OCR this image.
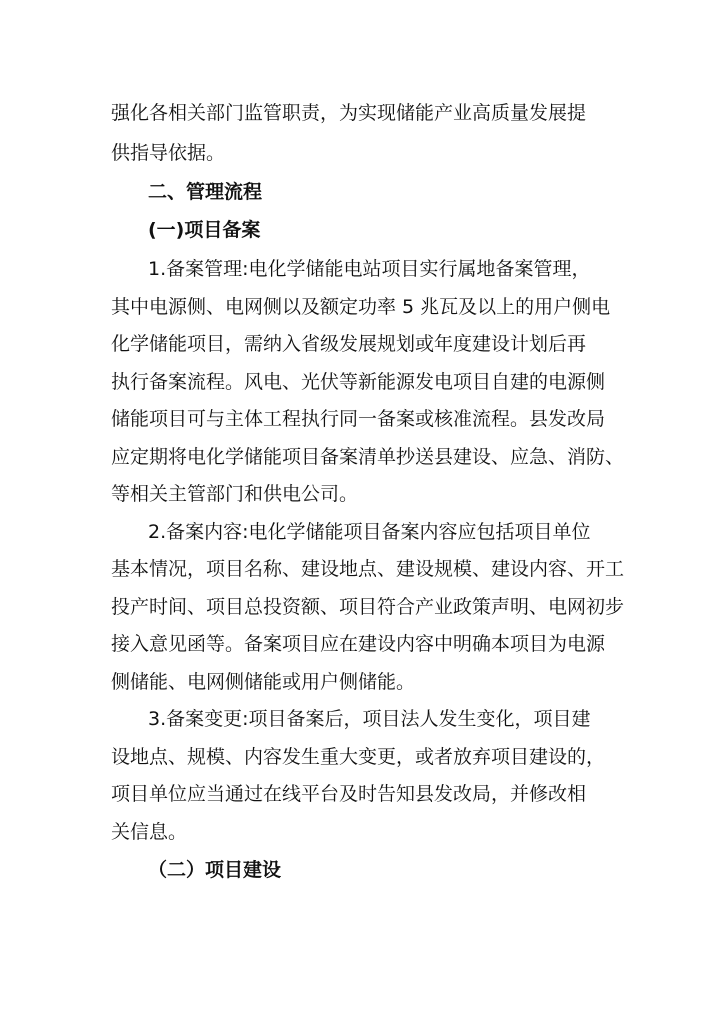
强化各相关部门监管职责，为实现储能产业高质量发展提
供指导依据。
二、管理流程
(一)项目备案
1.备案管理:电化学储能电站项目实行属地备案管理，
其中电源侧、电网侧以及额定功率 5 兆瓦及以上的用户侧电
化学储能项目，需纳入省级发展规划或年度建设计划后再
执行备案流程。风电、光伏等新能源发电项目自建的电源侧
储能项目可与主体工程执行同一备案或核准流程。县发改局
应定期将电化学储能项目备案清单抄送县建设、应急、消防、
等相关主管部门和供电公司。
2.备案内容:电化学储能项目备案内容应包括项目单位
基本情况，项目名称、建设地点、建设规模、建设内容、开工
投产时间、项目总投资额、项目符合产业政策声明、电网初步
接入意见函等。备案项目应在建设内容中明确本项目为电源
侧储能、电网侧储能或用户侧储能。
3.备案变更:项目备案后，项目法人发生变化，项目建
设地点、规模、内容发生重大变更，或者放弃项目建设的，
项目单位应当通过在线平台及时告知县发改局，并修改相
关信息。
（二）项目建设
